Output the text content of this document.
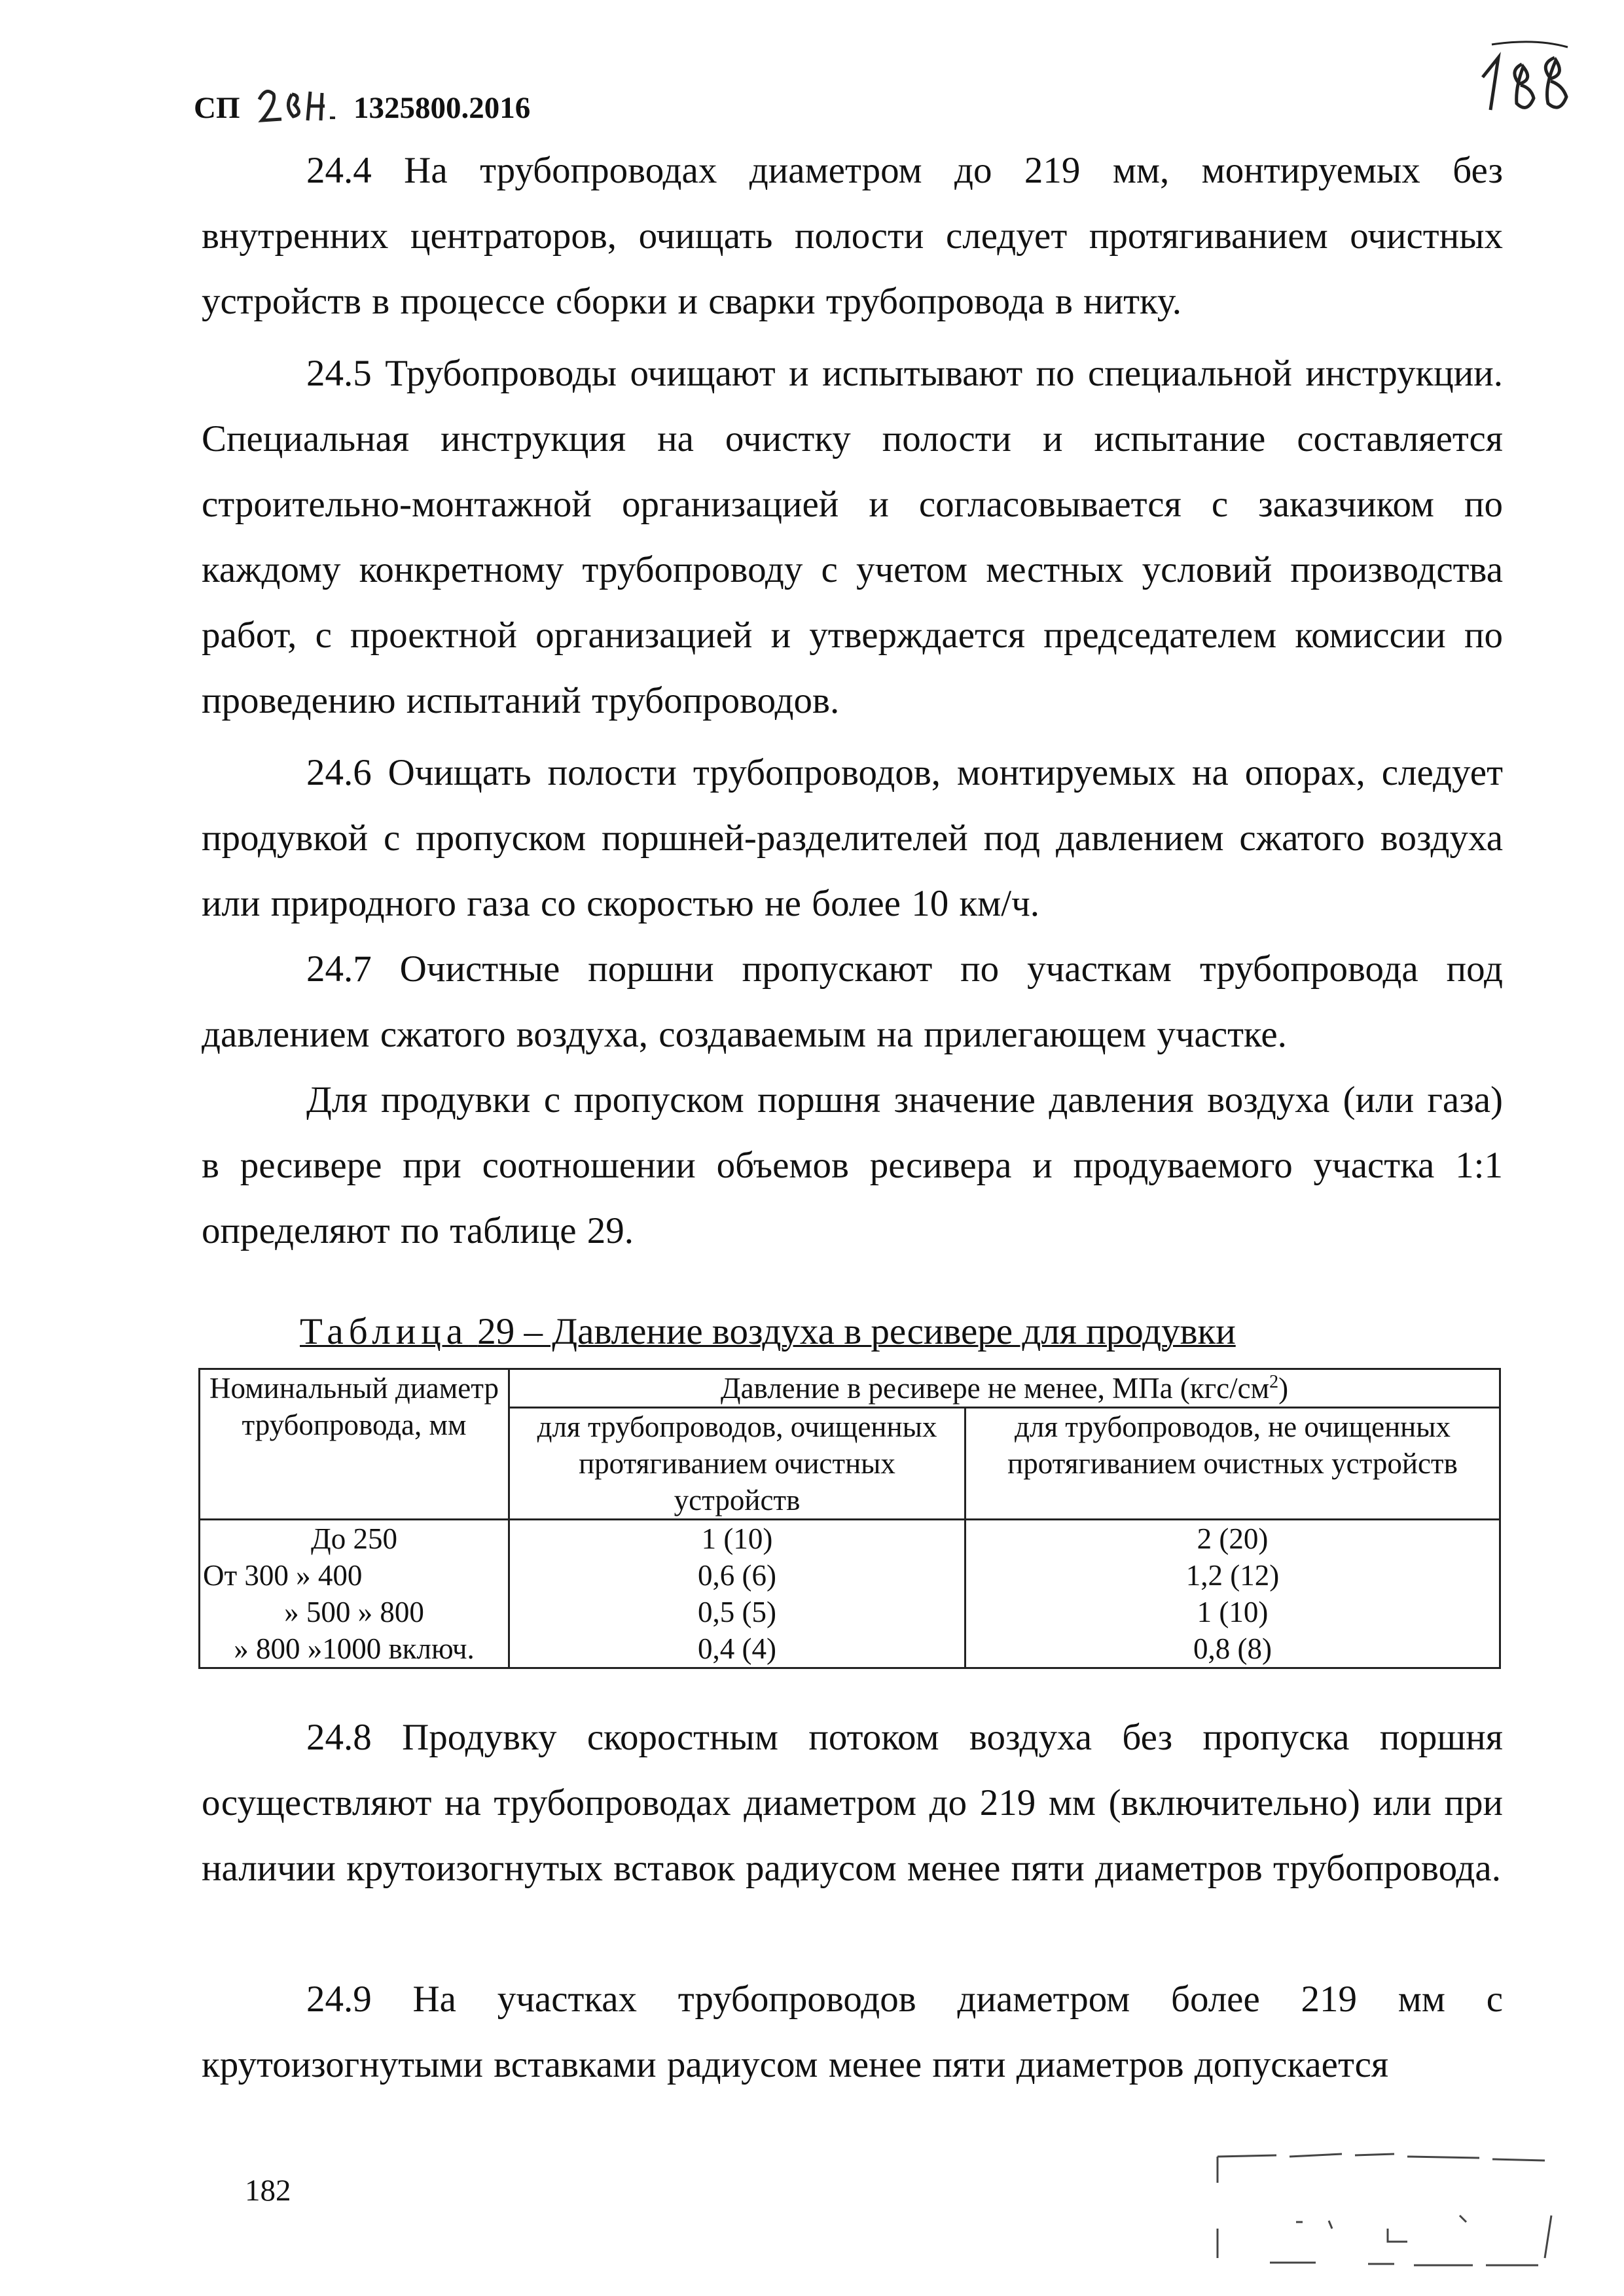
СП	1325800.2016

24.4 На трубопроводах диаметром до 219 мм, монтируемых без внутренних центраторов, очищать полости следует протягиванием очистных устройств в процессе сборки и сварки трубопровода в нитку.

24.5 Трубопроводы очищают и испытывают по специальной инструкции. Специальная инструкция на очистку полости и испытание составляется строительно-монтажной организацией и согласовывается с заказчиком по каждому конкретному трубопроводу с учетом местных условий производства работ, с проектной организацией и утверждается председателем комиссии по проведению испытаний трубопроводов.

24.6 Очищать полости трубопроводов, монтируемых на опорах, следует продувкой с пропуском поршней-разделителей под давлением сжатого воздуха или природного газа со скоростью не более 10 км/ч.

24.7 Очистные поршни пропускают по участкам трубопровода под давлением сжатого воздуха, создаваемым на прилегающем участке.

Для продувки с пропуском поршня значение давления воздуха (или газа) в ресивере при соотношении объемов ресивера и продуваемого участка 1:1 определяют по таблице 29.

Таблица 29 – Давление воздуха в ресивере для продувки
Номинальный диаметр трубопровода, мм	Давление в ресивере не менее, МПа $(кгс/см^2)$	
	для трубопроводов, очищенных протягиванием очистных устройств	для трубопроводов, не очищенных протягиванием очистных устройств
До 250	1 (10)	2 (20)
От 300 » 400	0,6 (6)	1,2 (12)
» 500 » 800	0,5 (5)	1 (10)
» 800 »1000 включ.	0,4 (4)	0,8 (8)

24.8 Продувку скоростным потоком воздуха без пропуска поршня осуществляют на трубопроводах диаметром до 219 мм (включительно) или при наличии крутоизогнутых вставок радиусом менее пяти диаметров трубопровода.

24.9 На участках трубопроводов диаметром более 219 мм с крутоизогнутыми вставками радиусом менее пяти диаметров допускается

182
